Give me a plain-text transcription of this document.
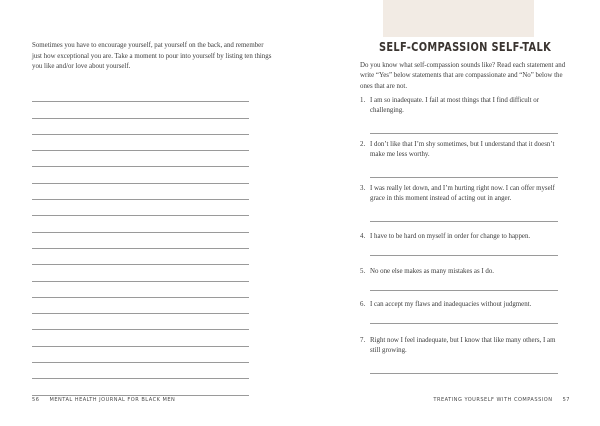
Sometimes you have to encourage yourself, pat yourself on the back, and remember just how exceptional you are. Take a moment to pour into yourself by listing ten things you like and/or love about yourself.

56 MENTAL HEALTH JOURNAL FOR BLACK MEN
SELF-COMPASSION SELF-TALK

Do you know what self-compassion sounds like? Read each statement and write “Yes” below statements that are compassionate and “No” below the ones that are not.

1. I am so inadequate. I fail at most things that I find difficult or challenging.
2. I don’t like that I’m shy sometimes, but I understand that it doesn’t make me less worthy.
3. I was really let down, and I’m hurting right now. I can offer myself grace in this moment instead of acting out in anger.
4. I have to be hard on myself in order for change to happen.
5. No one else makes as many mistakes as I do.
6. I can accept my flaws and inadequacies without judgment.
7. Right now I feel inadequate, but I know that like many others, I am still growing.
TREATING YOURSELF WITH COMPASSION 57
